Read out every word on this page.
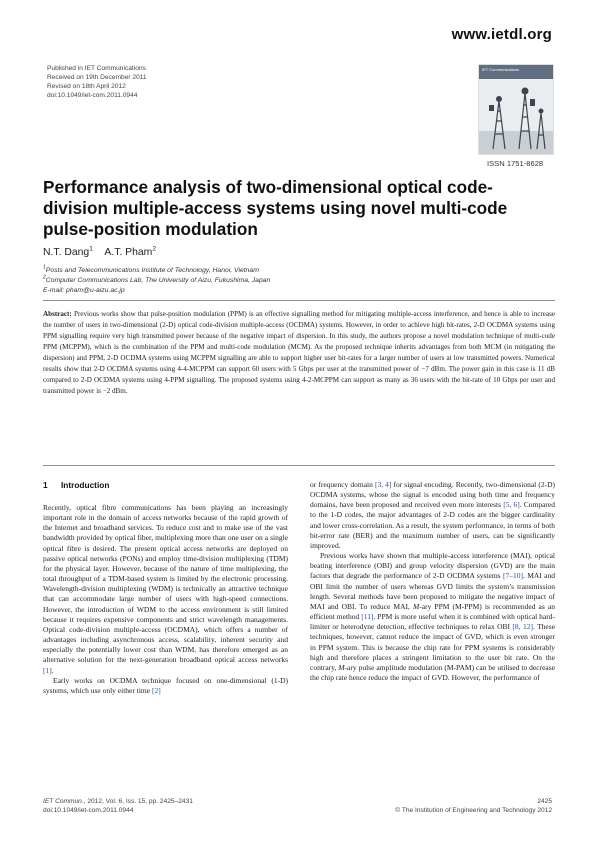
www.ietdl.org
Published in IET Communications
Received on 19th December 2011
Revised on 18th April 2012
doi:10.1049/iet-com.2011.0944
IET Communications
ISSN 1751-8628
Performance analysis of two-dimensional optical code-division multiple-access systems using novel multi-code pulse-position modulation
N.T. Dang$^1$ A.T. Pham$^2$
$^1$Posts and Telecommunications Institute of Technology, Hanoi, Vietnam
$^2$Computer Communications Lab, The University of Aizu, Fukushima, Japan
E-mail: pham@u-aizu.ac.jp
Abstract: Previous works show that pulse-position modulation (PPM) is an effective signalling method for mitigating multiple-access interference, and hence is able to increase the number of users in two-dimensional (2-D) optical code-division multiple-access (OCDMA) systems. However, in order to achieve high bit-rates, 2-D OCDMA systems using PPM signalling require very high transmitted power because of the negative impact of dispersion. In this study, the authors propose a novel modulation technique of multi-code PPM (MCPPM), which is the combination of the PPM and multi-code modulation (MCM). As the proposed technique inherits advantages from both MCM (in mitigating the dispersion) and PPM, 2-D OCDMA systems using MCPPM signalling are able to support higher user bit-rates for a larger number of users at low transmitted powers. Numerical results show that 2-D OCDMA systems using 4-4-MCPPM can support 60 users with 5 Gbps per user at the transmitted power of −7 dBm. The power gain in this case is 11 dB compared to 2-D OCDMA systems using 4-PPM signalling. The proposed systems using 4-2-MCPPM can support as many as 36 users with the bit-rate of 10 Gbps per user and transmitted power is −2 dBm.
1 Introduction

Recently, optical fibre communications has been playing an increasingly important role in the domain of access networks because of the rapid growth of the Internet and broadband services. To reduce cost and to make use of the vast bandwidth provided by optical fiber, multiplexing more than one user on a single optical fibre is desired. The present optical access networks are deployed on passive optical networks (PONs) and employ time-division multiplexing (TDM) for the physical layer. However, because of the nature of time multiplexing, the total throughput of a TDM-based system is limited by the electronic processing. Wavelength-division multiplexing (WDM) is technically an attractive technique that can accommodate large number of users with high-speed connections. However, the introduction of WDM to the access environment is still limited because it requires expensive components and strict wavelength managements. Optical code-division multiple-access (OCDMA), which offers a number of advantages including asynchronous access, scalability, inherent security and especially the potentially lower cost than WDM, has therefore emerged as an alternative solution for the next-generation broadband optical access networks [1].

Early works on OCDMA technique focused on one-dimensional (1-D) systems, which use only either time [2]

or frequency domain [3, 4] for signal encoding. Recently, two-dimensional (2-D) OCDMA systems, whose the signal is encoded using both time and frequency domains, have been proposed and received even more interests [5, 6]. Compared to the 1-D codes, the major advantages of 2-D codes are the bigger cardinality and lower cross-correlation. As a result, the system performance, in terms of both bit-error rate (BER) and the maximum number of users, can be significantly improved.

Previous works have shown that multiple-access interference (MAI), optical beating interference (OBI) and group velocity dispersion (GVD) are the main factors that degrade the performance of 2-D OCDMA systems [7–10]. MAI and OBI limit the number of users whereas GVD limits the system’s transmission length. Several methods have been proposed to mitigate the negative impact of MAI and OBI. To reduce MAI, M-ary PPM (M-PPM) is recommended as an efficient method [11]. PPM is more useful when it is combined with optical hard-limiter or heterodyne detection, effective techniques to relax OBI [8, 12]. These techniques, however, cannot reduce the impact of GVD, which is even stronger in PPM system. This is because the chip rate for PPM systems is considerably high and therefore places a stringent limitation to the user bit rate. On the contrary, M-ary pulse amplitude modulation (M-PAM) can be utilised to decrease the chip rate hence reduce the impact of GVD. However, the performance of

IET Commun., 2012, Vol. 6, Iss. 15, pp. 2425–2431
doi:10.1049/iet-com.2011.0944
2425
© The Institution of Engineering and Technology 2012
